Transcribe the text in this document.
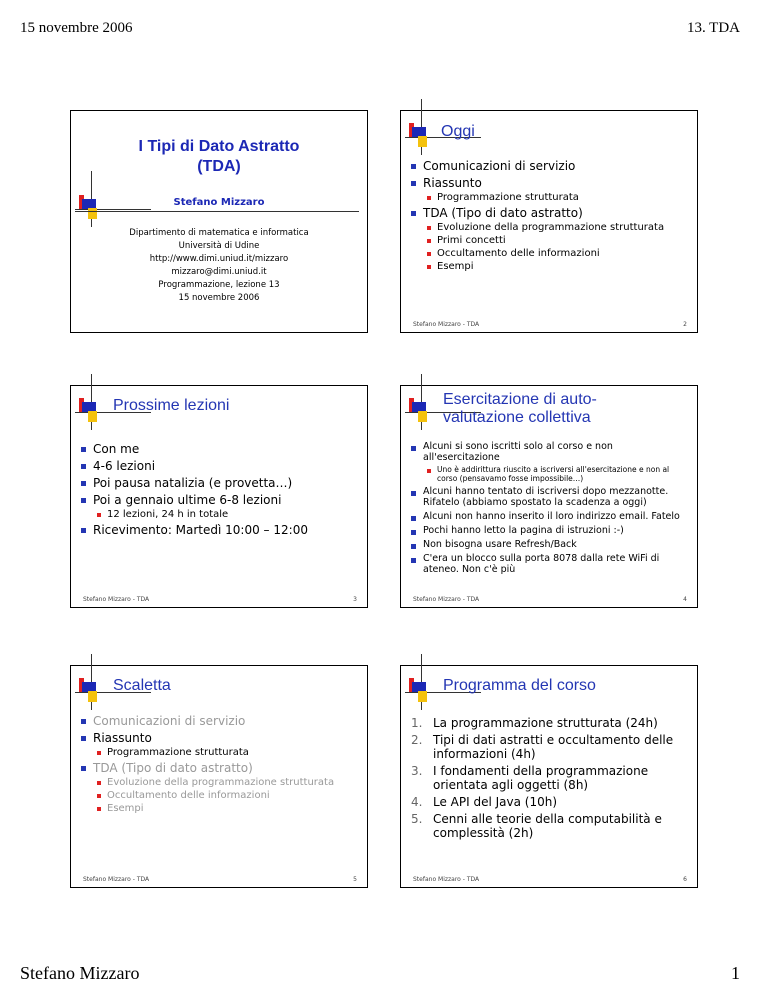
15 novembre 2006	13. TDA
I Tipi di Dato Astratto
(TDA)
Stefano Mizzaro
Dipartimento di matematica e informatica
Università di Udine
http://www.dimi.uniud.it/mizzaro
mizzaro@dimi.uniud.it
Programmazione, lezione 13
15 novembre 2006
Oggi
Comunicazioni di servizio
Riassunto
Programmazione strutturata
TDA (Tipo di dato astratto)
Evoluzione della programmazione strutturata
Primi concetti
Occultamento delle informazioni
Esempi
Stefano Mizzaro - TDA	2
Prossime lezioni
Con me
4-6 lezioni
Poi pausa natalizia (e provetta…)
Poi a gennaio ultime 6-8 lezioni
12 lezioni, 24 h in totale
Ricevimento: Martedì 10:00 – 12:00
Stefano Mizzaro - TDA	3
Esercitazione di auto-
valutazione collettiva
Alcuni si sono iscritti solo al corso e non all'esercitazione
Uno è addirittura riuscito a iscriversi all'esercitazione e non al corso (pensavamo fosse impossibile…)
Alcuni hanno tentato di iscriversi dopo mezzanotte. Rifatelo (abbiamo spostato la scadenza a oggi)
Alcuni non hanno inserito il loro indirizzo email. Fatelo
Pochi hanno letto la pagina di istruzioni :-)
Non bisogna usare Refresh/Back
C'era un blocco sulla porta 8078 dalla rete WiFi di ateneo. Non c'è più
Stefano Mizzaro - TDA	4
Scaletta
Comunicazioni di servizio
Riassunto
Programmazione strutturata
TDA (Tipo di dato astratto)
Evoluzione della programmazione strutturata
Occultamento delle informazioni
Esempi
Stefano Mizzaro - TDA	5
Programma del corso
1. La programmazione strutturata (24h)
2. Tipi di dati astratti e occultamento delle informazioni (4h)
3. I fondamenti della programmazione orientata agli oggetti (8h)
4. Le API del Java (10h)
5. Cenni alle teorie della computabilità e complessità (2h)
Stefano Mizzaro - TDA	6
Stefano Mizzaro	1
